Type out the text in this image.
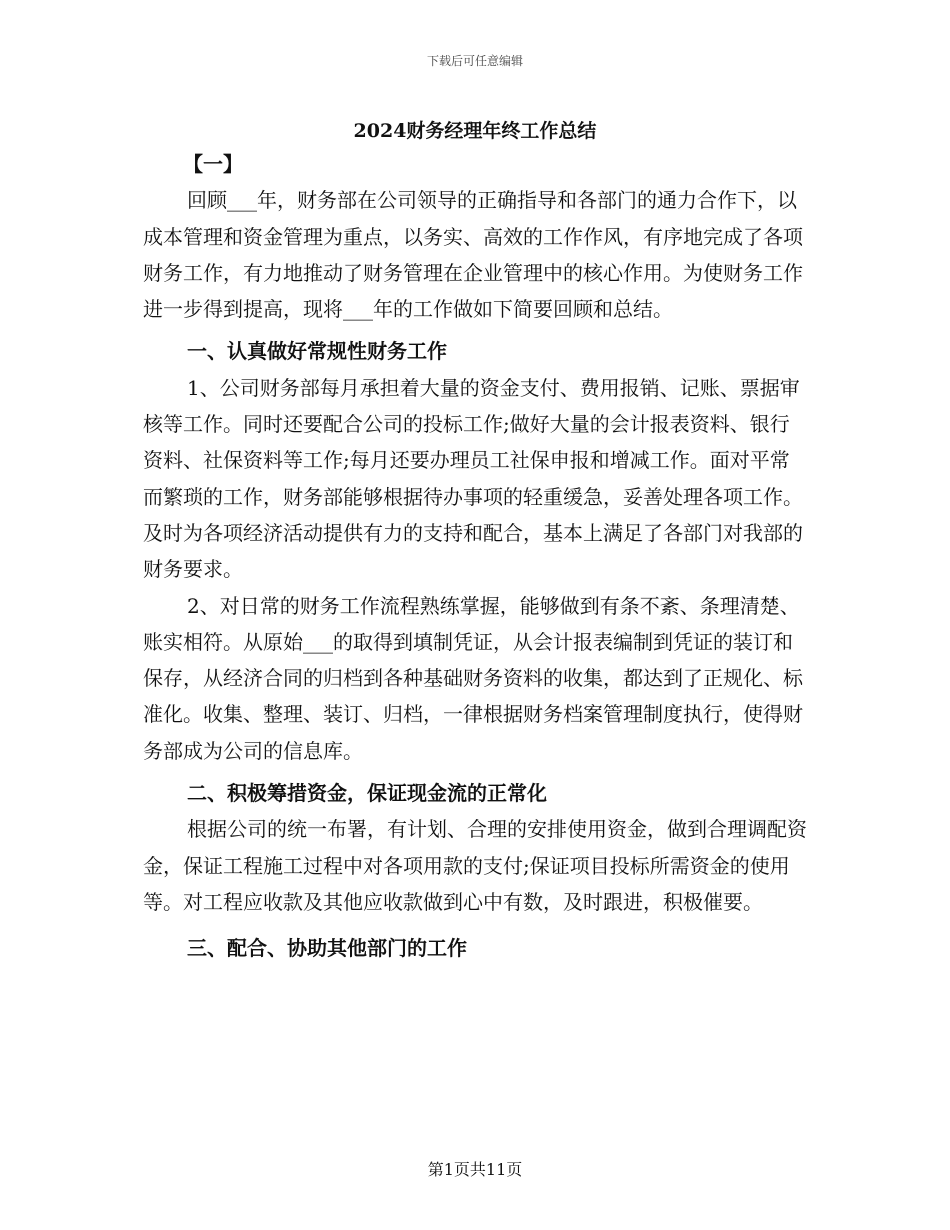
下载后可任意编辑
2024财务经理年终工作总结

【一】

回顾___年，财务部在公司领导的正确指导和各部门的通力合作下，以成本管理和资金管理为重点，以务实、高效的工作作风，有序地完成了各项财务工作，有力地推动了财务管理在企业管理中的核心作用。为使财务工作进一步得到提高，现将___年的工作做如下简要回顾和总结。

一、认真做好常规性财务工作

1、公司财务部每月承担着大量的资金支付、费用报销、记账、票据审核等工作。同时还要配合公司的投标工作;做好大量的会计报表资料、银行资料、社保资料等工作;每月还要办理员工社保申报和增减工作。面对平常而繁琐的工作，财务部能够根据待办事项的轻重缓急，妥善处理各项工作。及时为各项经济活动提供有力的支持和配合，基本上满足了各部门对我部的财务要求。

2、对日常的财务工作流程熟练掌握，能够做到有条不紊、条理清楚、账实相符。从原始___的取得到填制凭证，从会计报表编制到凭证的装订和保存，从经济合同的归档到各种基础财务资料的收集，都达到了正规化、标准化。收集、整理、装订、归档，一律根据财务档案管理制度执行，使得财务部成为公司的信息库。

二、积极筹措资金，保证现金流的正常化

根据公司的统一布署，有计划、合理的安排使用资金，做到合理调配资金，保证工程施工过程中对各项用款的支付;保证项目投标所需资金的使用等。对工程应收款及其他应收款做到心中有数，及时跟进，积极催要。

三、配合、协助其他部门的工作

第1页共11页
